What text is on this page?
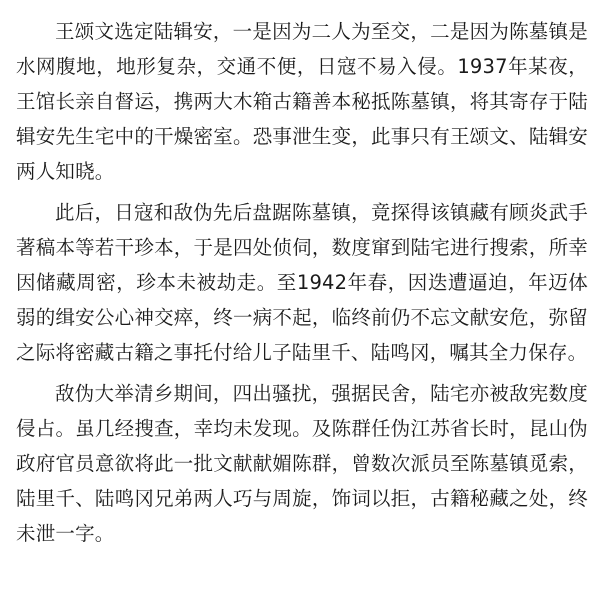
王颂文选定陆辑安，一是因为二人为至交，二是因为陈墓镇是水网腹地，地形复杂，交通不便，日寇不易入侵。1937年某夜，王馆长亲自督运，携两大木箱古籍善本秘抵陈墓镇，将其寄存于陆辑安先生宅中的干燥密室。恐事泄生变，此事只有王颂文、陆辑安两人知晓。

此后，日寇和敌伪先后盘踞陈墓镇，竟探得该镇藏有顾炎武手著稿本等若干珍本，于是四处侦伺，数度窜到陆宅进行搜索，所幸因储藏周密，珍本未被劫走。至1942年春，因迭遭逼迫，年迈体弱的缉安公心神交瘁，终一病不起，临终前仍不忘文献安危，弥留之际将密藏古籍之事托付给儿子陆里千、陆鸣冈，嘱其全力保存。

敌伪大举清乡期间，四出骚扰，强据民舍，陆宅亦被敌宪数度侵占。虽几经搜查，幸均未发现。及陈群任伪江苏省长时，昆山伪政府官员意欲将此一批文献献媚陈群，曾数次派员至陈墓镇觅索，陆里千、陆鸣冈兄弟两人巧与周旋，饰词以拒，古籍秘藏之处，终未泄一字。
